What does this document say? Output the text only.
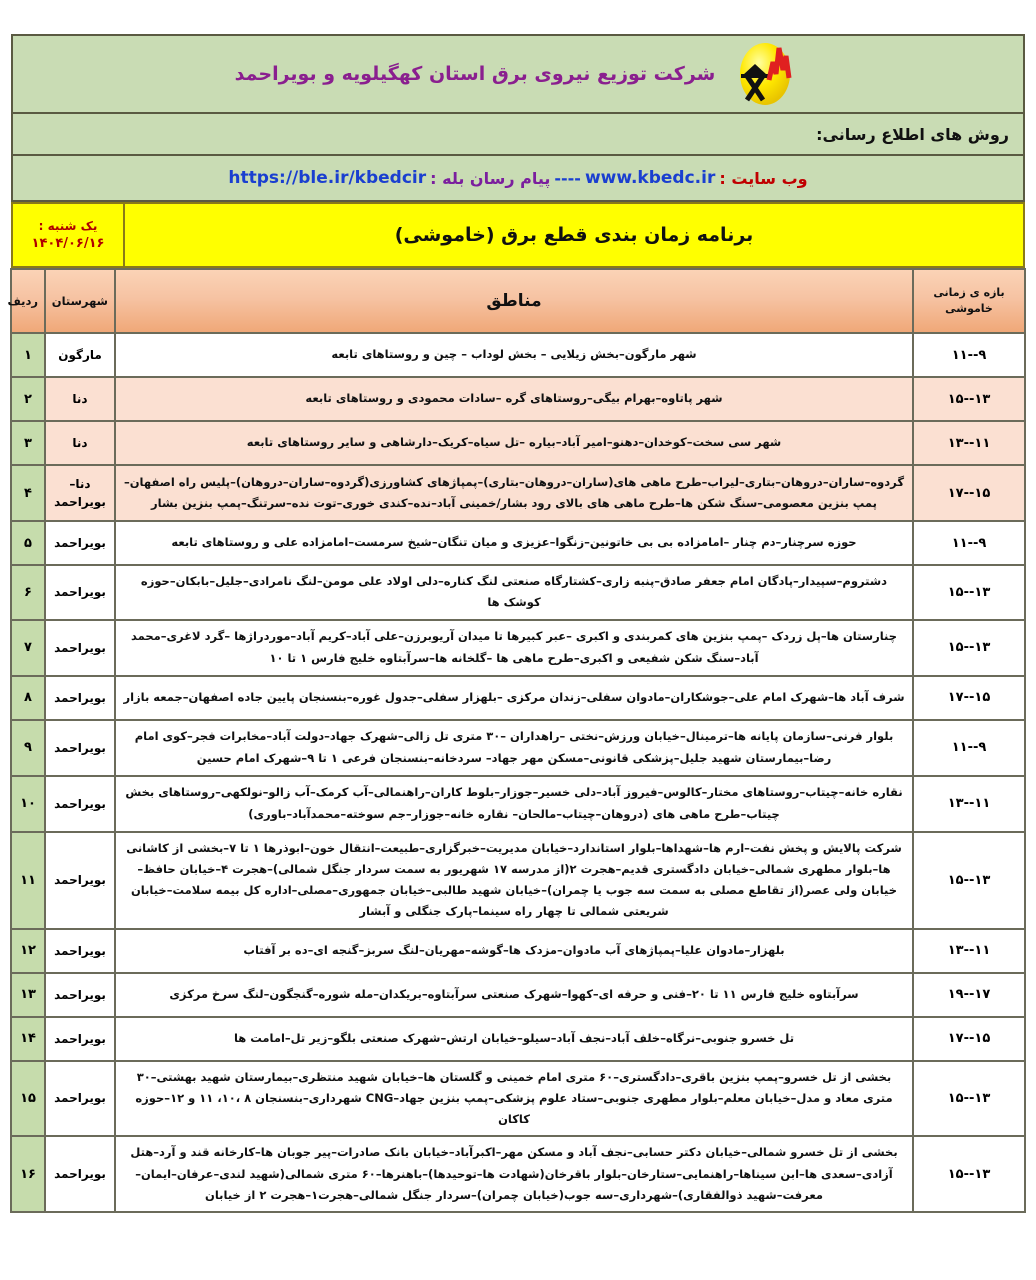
شرکت توزیع نیروی برق استان کهگیلویه و بویراحمد

روش های اطلاع رسانی:

وب سایت :
www.kbedc.ir
----
پیام رسان بله :
https://ble.ir/kbedcir
برنامه زمان بندی قطع برق (خاموشی)	
یک شنبه :
۱۴۰۴/۰۶/۱۶
بازه ی زمانی
خاموشی	مناطق	شهرستان	ردیف
۹--۱۱	شهر مارگون–بخش زیلایی – بخش لوداب – چین و روستاهای تابعه	مارگون	۱
۱۳--۱۵	شهر پاتاوه–بهرام بیگی–روستاهای گره –سادات محمودی و روستاهای تابعه	دنا	۲
۱۱--۱۳	شهر سی سخت–کوخدان–دهنو–امیر آباد–بیاره –تل سیاه–کریک–دارشاهی و سایر روستاهای تابعه	دنا	۳
۱۵--۱۷	گردوه–ساران–دروهان–بتاری–لیراب–طرح ماهی های(ساران–دروهان–بتاری)–پمپاژهای کشاورزی(گردوه–ساران–دروهان)–پلیس راه اصفهان–پمپ بنزین معصومی–سنگ شکن ها–طرح ماهی های بالای رود بشار/خمینی آباد–نده–کندی خوری–توت نده–سرتنگ–پمپ بنزین بشار	دنا– بویراحمد	۴
۹--۱۱	حوزه سرچنار–دم چنار –امامزاده بی بی خاتونین–زنگوا–عزیزی و میان تنگان–شیخ سرمست–امامزاده علی و روستاهای تابعه	بویراحمد	۵
۱۳--۱۵	دشتروم–سپیدار–پادگان امام جعفر صادق–پنبه زاری–کشتارگاه صنعتی لنگ کناره–دلی اولاد علی مومن–لنگ نامرادی–جلیل–بابکان–حوزه کوشک ها	بویراحمد	۶
۱۳--۱۵	چنارستان ها–پل زردک –پمپ بنزین های کمربندی و اکبری –عبر کبیرها تا میدان آریوبرزن–علی آباد–کریم آباد–موردراژها –گرد لاغری–محمد آباد–سنگ شکن شفیعی و اکبری–طرح ماهی ها –گلخانه ها–سرآبتاوه خلیج فارس ۱ تا ۱۰	بویراحمد	۷
۱۵--۱۷	شرف آباد ها–شهرک امام علی–جوشکاران–مادوان سفلی–زندان مرکزی –بلهزار سفلی–جدول غوره–بنسنجان پایین جاده اصفهان–جمعه بازار	بویراحمد	۸
۹--۱۱	بلوار فرنی–سازمان پایانه ها–ترمینال–خیابان ورزش–نختی –راهداران –۳۰ متری تل زالی–شهرک جهاد–دولت آباد–مخابرات فجر–کوی امام رضا–بیمارستان شهید جلیل–پزشکی قانونی–مسکن مهر جهاد– سردخانه–بنسنجان فرعی ۱ تا ۹–شهرک امام حسین	بویراحمد	۹
۱۱--۱۳	نقاره خانه–چیتاب–روستاهای مختار–کالوس–فیروز آباد–دلی خسیر–جوزار–بلوط کاران–راهنمالی–آب کرمک–آب زالو–نولکهی–روستاهای بخش چیتاب–طرح ماهی های (دروهان–چیتاب–مالحان– نقاره خانه–جوزار–جم سوخته–محمدآباد–باوری)	بویراحمد	۱۰
۱۳--۱۵	شرکت پالایش و پخش نفت–ارم ها–شهداها–بلوار استاندارد–خیابان مدیریت–خبرگزاری–طبیعت–انتقال خون–ابوذرها ۱ تا ۷–بخشی از کاشانی ها–بلوار مطهری شمالی–خیابان دادگستری قدیم–هجرت ۲(از مدرسه ۱۷ شهریور به سمت سردار جنگل شمالی)–هجرت ۴–خیابان حافظ–خیابان ولی عصر(از تقاطع مصلی به سمت سه جوب یا چمران)–خیابان شهید طالبی–خیابان جمهوری–مصلی–اداره کل بیمه سلامت–خیابان شریعتی شمالی تا چهار راه سینما–پارک جنگلی و آبشار	بویراحمد	۱۱
۱۱--۱۳	بلهزار–مادوان علیا–پمپاژهای آب مادوان–مزدک ها–گوشه–مهریان–لنگ سربز–گنجه ای–ده بر آفتاب	بویراحمد	۱۲
۱۷--۱۹	سرآبتاوه خلیج فارس ۱۱ تا ۲۰–فنی و حرفه ای–کهوا–شهرک صنعتی سرآبتاوه–بریکدان–مله شوره–گنجگون–لنگ سرخ مرکزی	بویراحمد	۱۳
۱۵--۱۷	تل خسرو جنوبی–نرگاه–خلف آباد–نجف آباد–سیلو–خیابان ارتش–شهرک صنعتی بلگو–زیر تل–امامت ها	بویراحمد	۱۴
۱۳--۱۵	بخشی از تل خسرو–پمپ بنزین باقری–دادگستری–۶۰ متری امام خمینی و گلستان ها–خیابان شهید منتظری–بیمارستان شهید بهشتی–۳۰ متری معاد و مدل–خیابان معلم–بلوار مطهری جنوبی–ستاد علوم پزشکی–پمپ بنزین جهاد–CNG شهرداری–بنسنجان ۸ ،۱۰، ۱۱ و ۱۲–حوزه کاکان	بویراحمد	۱۵
۱۳--۱۵	بخشی از تل خسرو شمالی–خیابان دکتر حسابی–نجف آباد و مسکن مهر–اکبرآباد–خیابان بانک صادرات–پیر جوبان ها–کارخانه قند و آرد–هتل آزادی–سعدی ها–ابن سیناها–راهنمایی–ستارخان–بلوار باقرخان(شهادت ها–توحیدها)–باهنرها–۶۰ متری شمالی(شهید لندی–عرفان–ایمان–معرفت–شهید ذوالفقاری)–شهرداری–سه جوب(خیابان چمران)–سردار جنگل شمالی–هجرت۱–هجرت ۲ از خیابان	بویراحمد	۱۶
